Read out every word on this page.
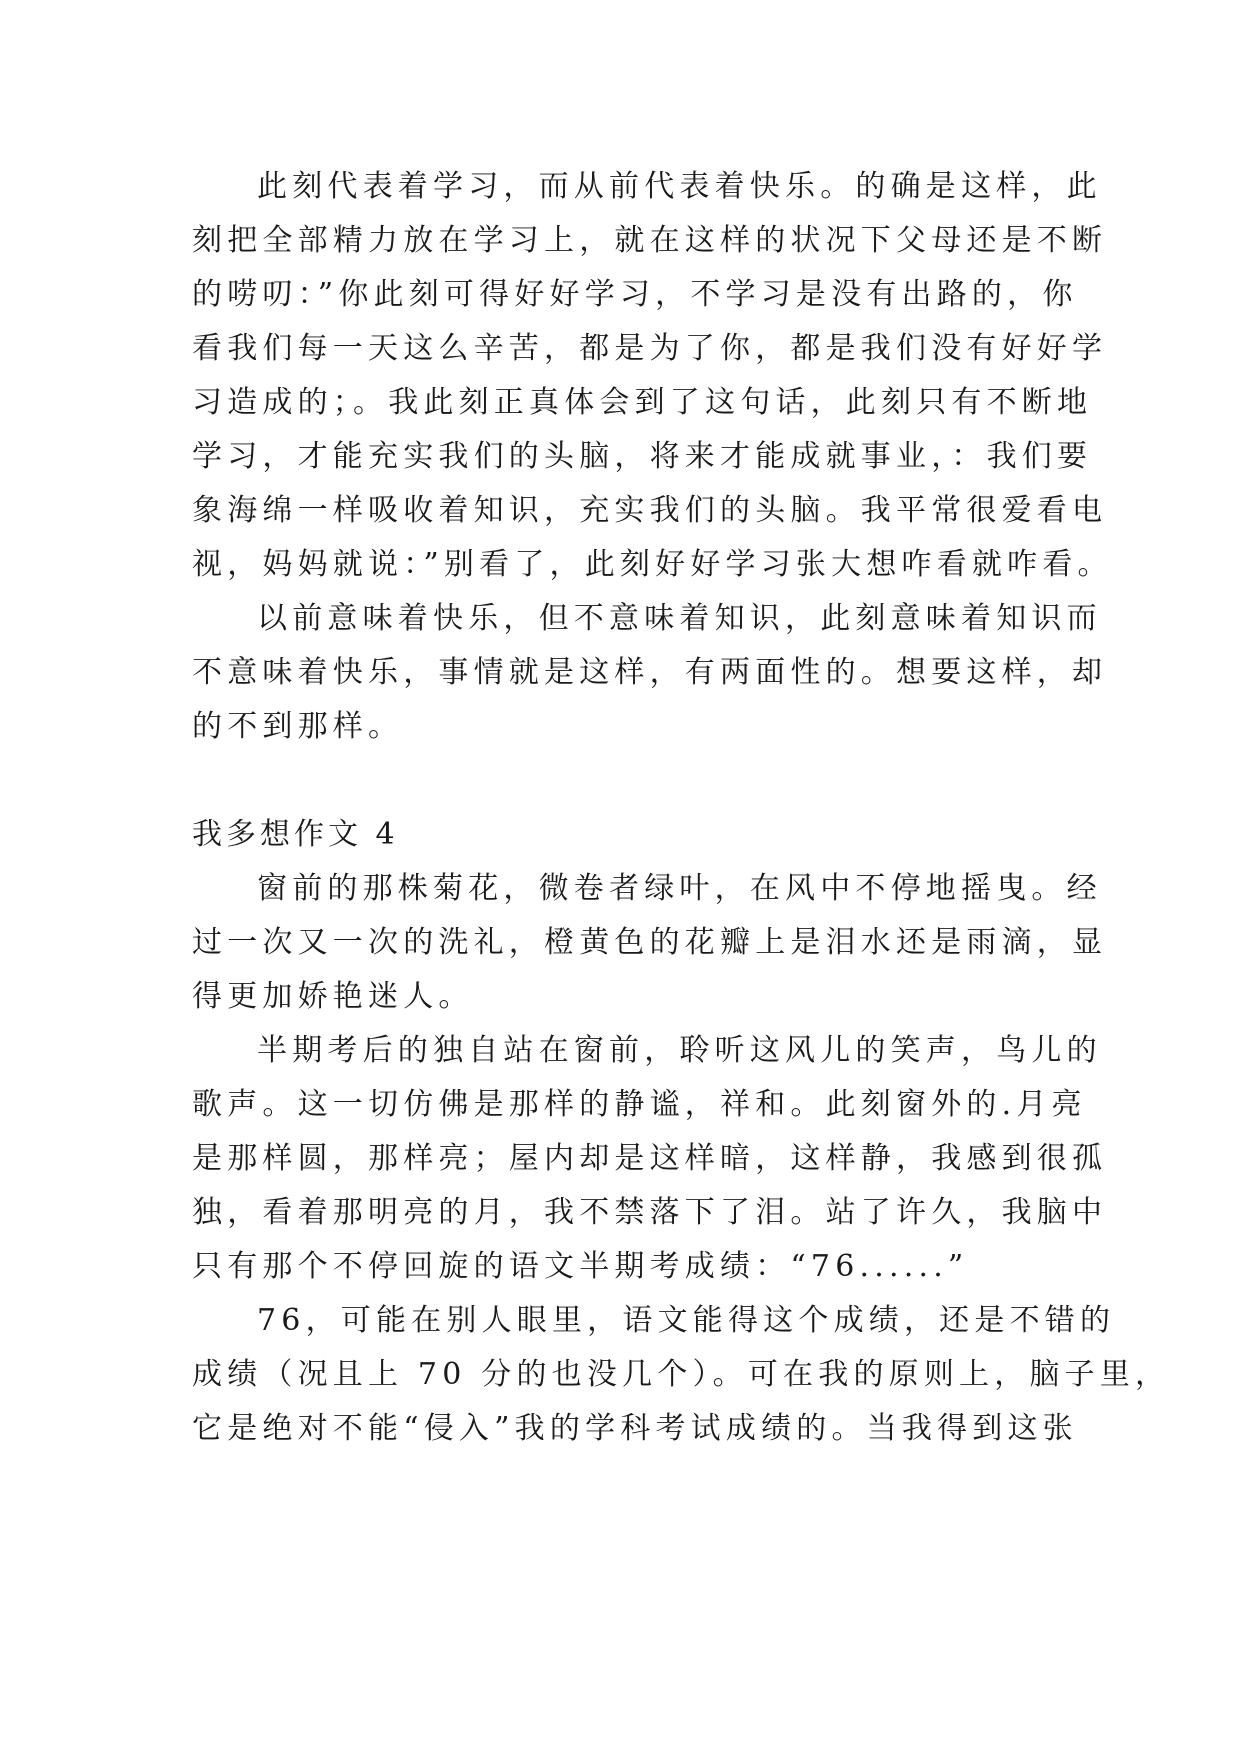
此刻代表着学习，而从前代表着快乐。的确是这样，此
刻把全部精力放在学习上，就在这样的状况下父母还是不断
的唠叨：”你此刻可得好好学习，不学习是没有出路的，你
看我们每一天这么辛苦，都是为了你，都是我们没有好好学
习造成的；。我此刻正真体会到了这句话，此刻只有不断地
学习，才能充实我们的头脑，将来才能成就事业，：我们要
象海绵一样吸收着知识，充实我们的头脑。我平常很爱看电
视，妈妈就说：”别看了，此刻好好学习张大想咋看就咋看。
以前意味着快乐，但不意味着知识，此刻意味着知识而
不意味着快乐，事情就是这样，有两面性的。想要这样，却
的不到那样。
我多想作文 4
窗前的那株菊花，微卷者绿叶，在风中不停地摇曳。经
过一次又一次的洗礼，橙黄色的花瓣上是泪水还是雨滴，显
得更加娇艳迷人。
半期考后的独自站在窗前，聆听这风儿的笑声，鸟儿的
歌声。这一切仿佛是那样的静谧，祥和。此刻窗外的.月亮
是那样圆，那样亮；屋内却是这样暗，这样静，我感到很孤
独，看着那明亮的月，我不禁落下了泪。站了许久，我脑中
只有那个不停回旋的语文半期考成绩：“76......”
76，可能在别人眼里，语文能得这个成绩，还是不错的
成绩（况且上 70 分的也没几个）。可在我的原则上，脑子里，
它是绝对不能“侵入”我的学科考试成绩的。当我得到这张
